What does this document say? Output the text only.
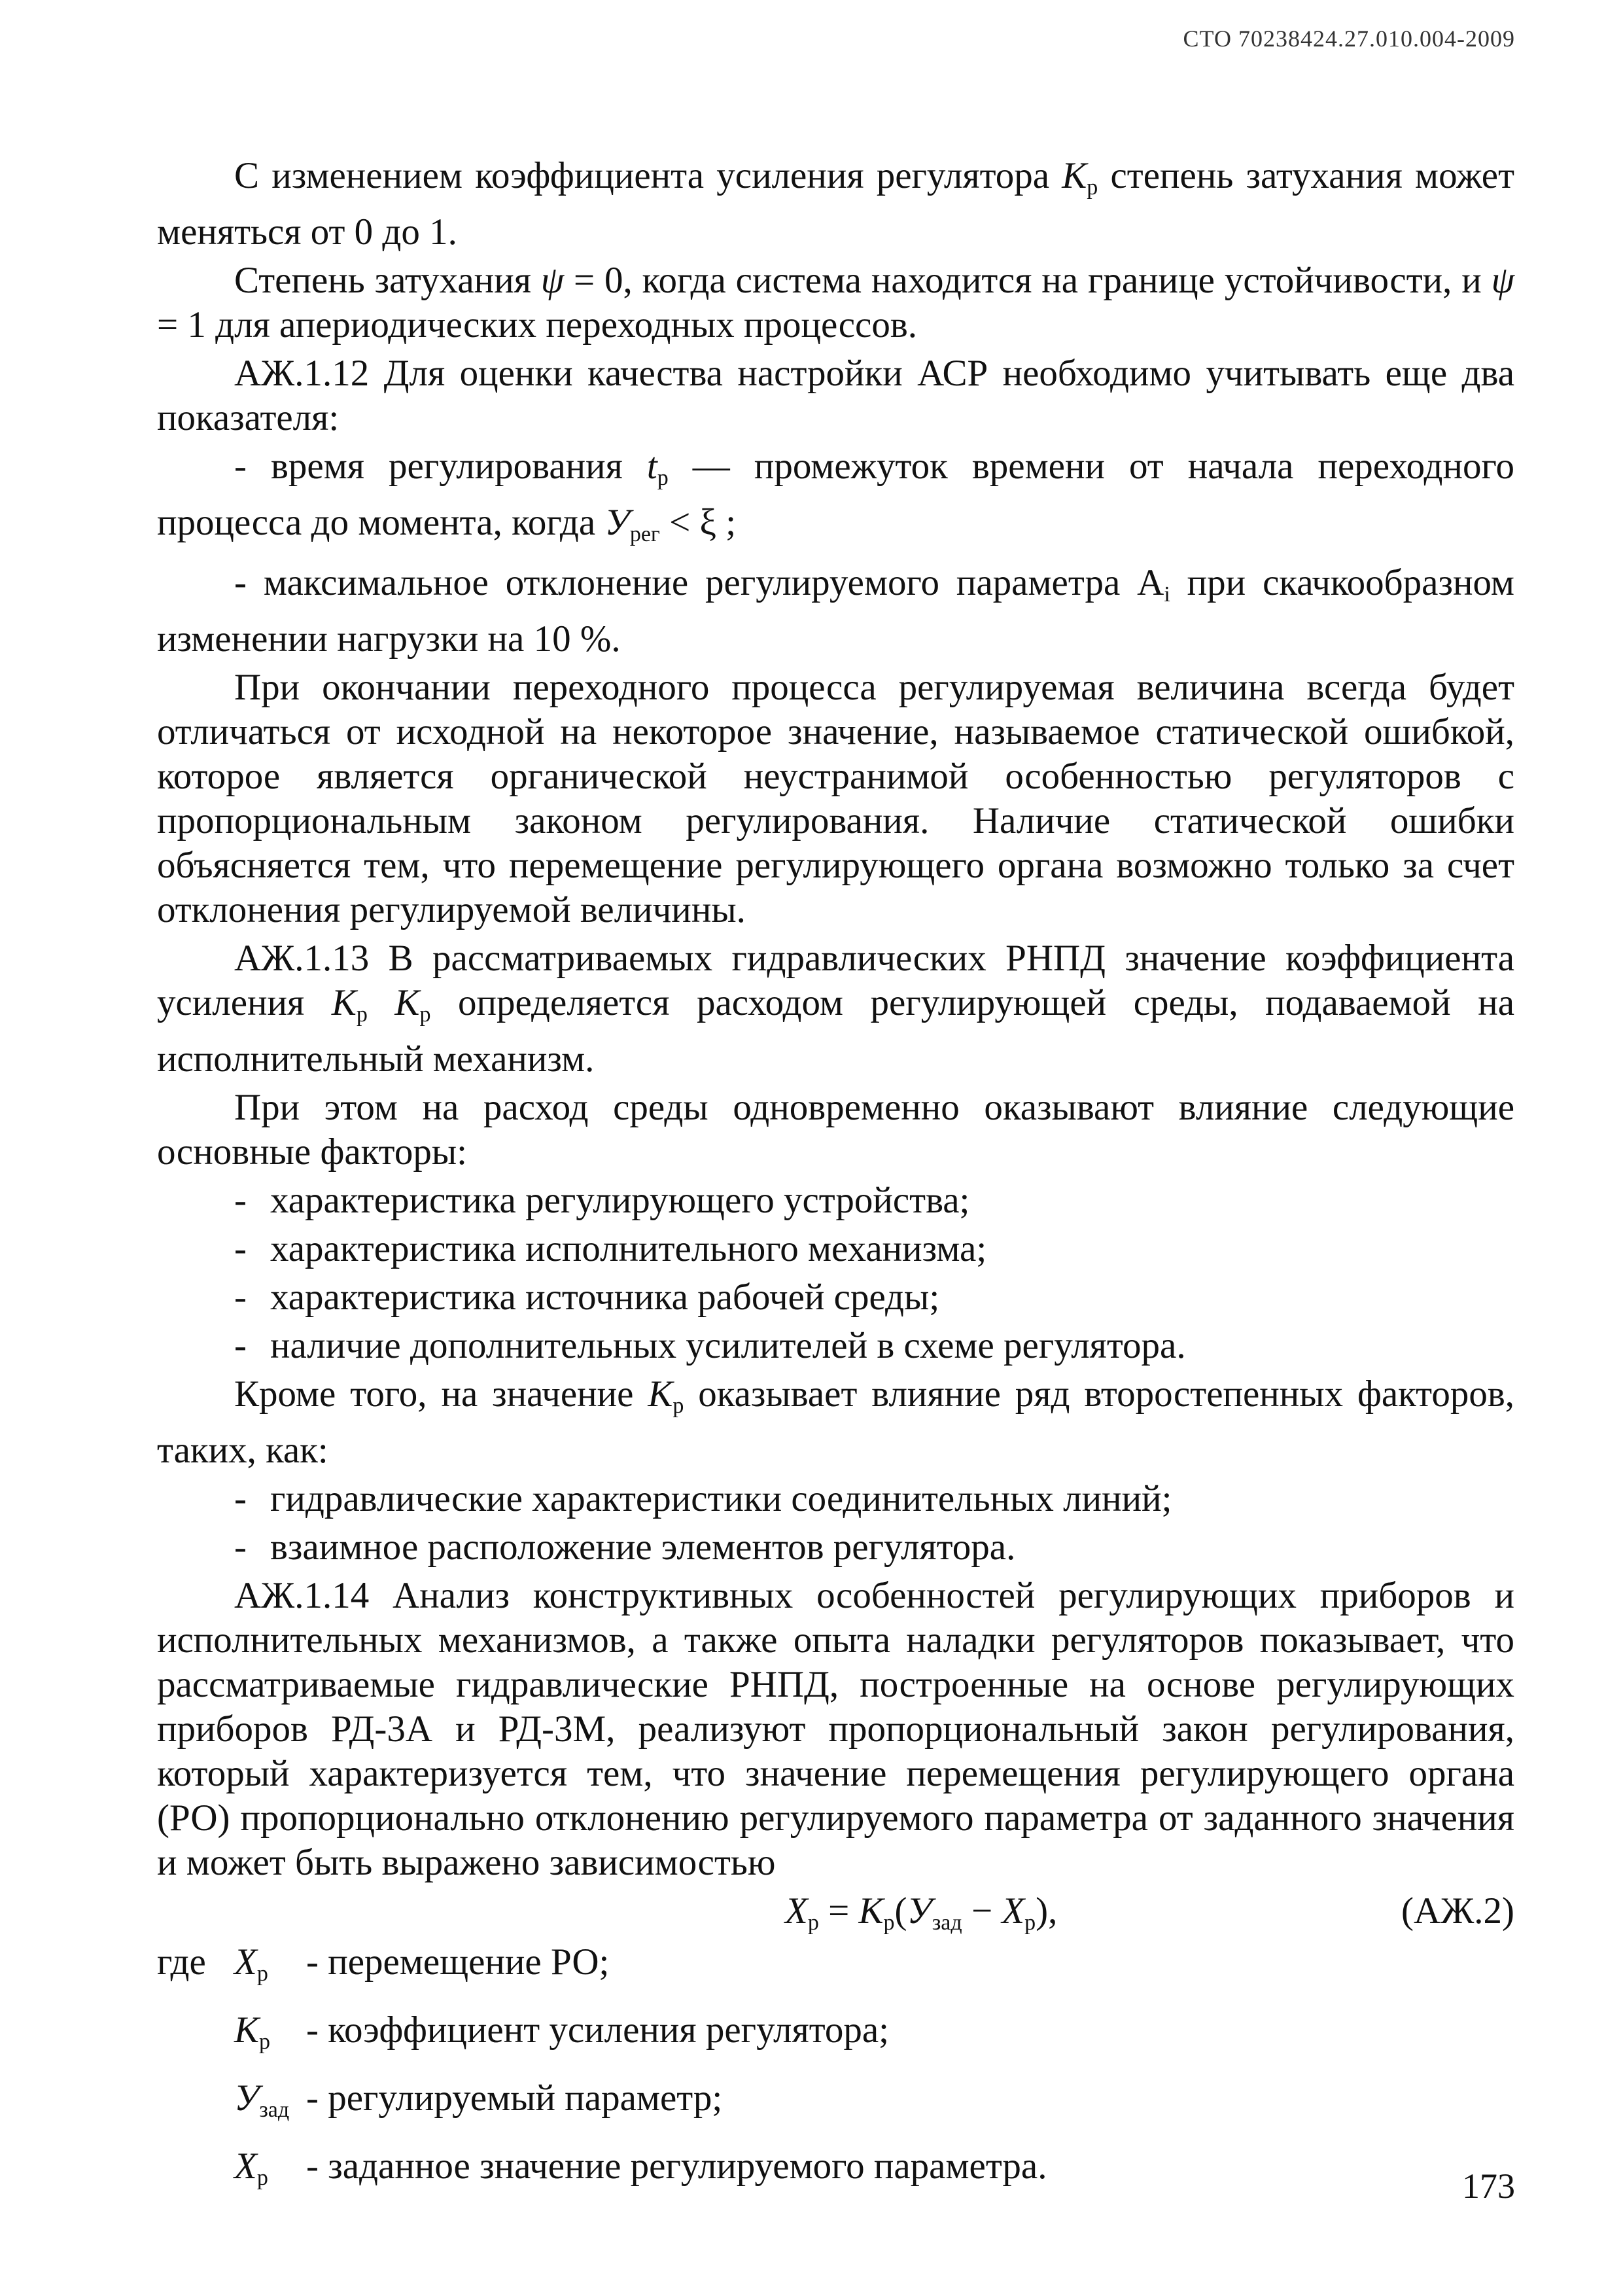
СТО 70238424.27.010.004-2009

С изменением коэффициента усиления регулятора $K_р$ степень затухания может меняться от 0 до 1.

Степень затухания ψ = 0, когда система находится на границе устойчивости, и ψ = 1 для апериодических переходных процессов.

АЖ.1.12 Для оценки качества настройки АСР необходимо учитывать еще два показателя:

- время регулирования $t_p$ — промежуток времени от начала переходного процесса до момента, когда $У_{рег} < \xi$ ;

- максимальное отклонение регулируемого параметра $A_i$ при скачкообразном изменении нагрузки на 10 %.

При окончании переходного процесса регулируемая величина всегда будет отличаться от исходной на некоторое значение, называемое статической ошибкой, которое является органической неустранимой особенностью регуляторов с пропорциональным законом регулирования. Наличие статической ошибки объясняется тем, что перемещение регулирующего органа возможно только за счет отклонения регулируемой величины.

АЖ.1.13 В рассматриваемых гидравлических РНПД значение коэффициента усиления $K_р$ $K_р$ определяется расходом регулирующей среды, подаваемой на исполнительный механизм.

При этом на расход среды одновременно оказывают влияние следующие основные факторы:

- характеристика регулирующего устройства;
- характеристика исполнительного механизма;
- характеристика источника рабочей среды;
- наличие дополнительных усилителей в схеме регулятора.

Кроме того, на значение $K_р$ оказывает влияние ряд второстепенных факторов, таких, как:

- гидравлические характеристики соединительных линий;
- взаимное расположение элементов регулятора.

АЖ.1.14 Анализ конструктивных особенностей регулирующих приборов и исполнительных механизмов, а также опыта наладки регуляторов показывает, что рассматриваемые гидравлические РНПД, построенные на основе регулирующих приборов РД-3А и РД-3М, реализуют пропорциональный закон регулирования, который характеризуется тем, что значение перемещения регулирующего органа (РО) пропорционально отклонению регулируемого параметра от заданного значения и может быть выражено зависимостью

$X_р = K_р(У_{зад} - X_р)$,	(АЖ.2)
где $X_р$	- перемещение РО;
$K_р$ - коэффициент усиления регулятора;
$У_{зад}$ - регулируемый параметр;
$X_р$	- заданное значение регулируемого параметра.	173
